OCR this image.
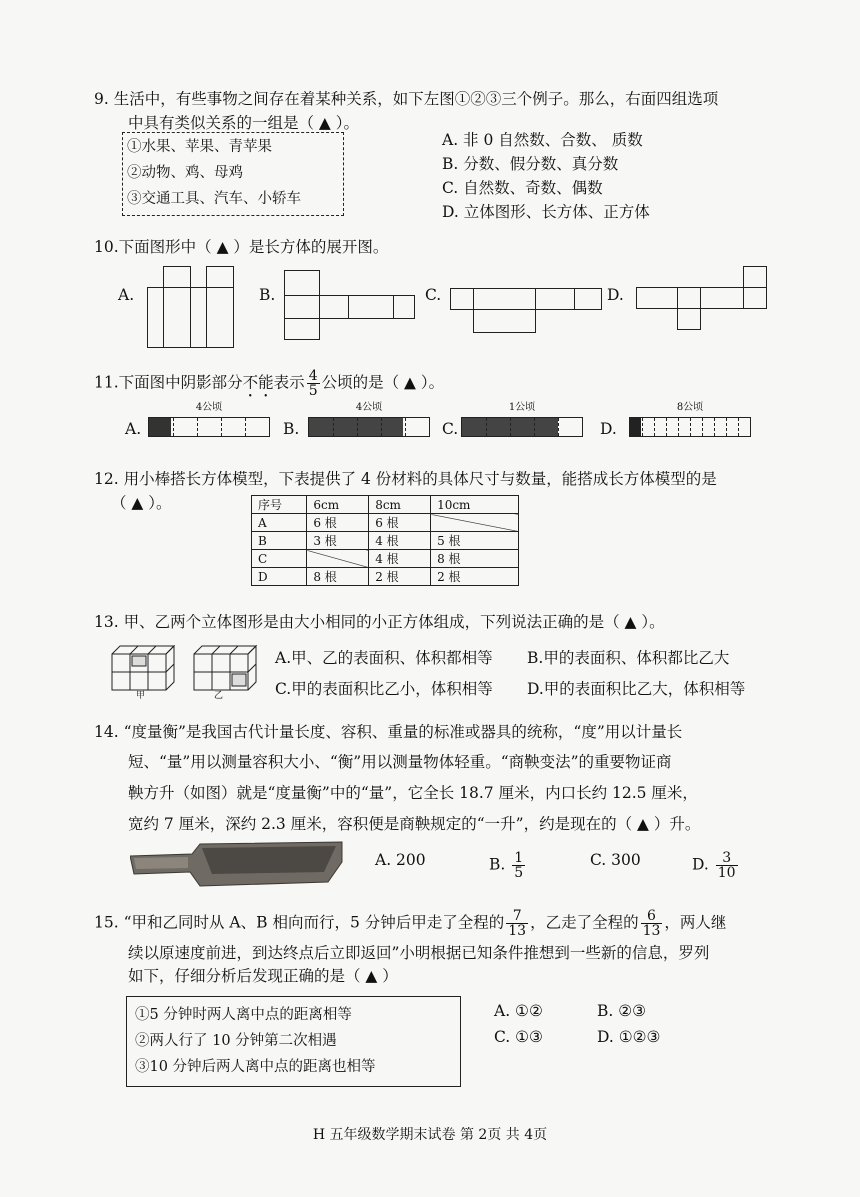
9. 生活中，有些事物之间存在着某种关系，如下左图①②③三个例子。那么，右面四组选项
中具有类似关系的一组是（ ▲ ）。
①水果、苹果、青苹果
②动物、鸡、母鸡
③交通工具、汽车、小轿车
A. 非 0 自然数、合数、 质数
B. 分数、假分数、真分数
C. 自然数、奇数、偶数
D. 立体图形、长方体、正方体
10.下面图形中（ ▲ ）是长方体的展开图。
A.	B.	C.	D.
11.下面图中阴影部分不能表示 $\frac{4}{5}$ 公顷的是（ ▲ ）。
A.
4公顷
B.
4公顷
C.
1公顷
D.
8公顷
12. 用小棒搭长方体模型，下表提供了 4 份材料的具体尺寸与数量，能搭成长方体模型的是
（ ▲ ）。	序号	6cm	8cm	10cm
A	6 根	6 根	
B	3 根	4 根	5 根
C		4 根	8 根
D	8 根	2 根	2 根
13. 甲、乙两个立体图形是由大小相同的小正方体组成，下列说法正确的是（ ▲ ）。
甲	乙
A.甲、乙的表面积、体积都相等 B.甲的表面积、体积都比乙大
C.甲的表面积比乙小，体积相等 D.甲的表面积比乙大，体积相等
14. “度量衡”是我国古代计量长度、容积、重量的标准或器具的统称，“度”用以计量长
短、“量”用以测量容积大小、“衡”用以测量物体轻重。“商鞅变法”的重要物证商
鞅方升（如图）就是“度量衡”中的“量”，它全长 18.7 厘米，内口长约 12.5 厘米，
宽约 7 厘米，深约 2.3 厘米，容积便是商鞅规定的“一升”，约是现在的（ ▲ ）升。
A. 200	B. $\frac{1}{5}$	C. 300	D. $\frac{3}{10}$
15. “甲和乙同时从 A、B 相向而行，5 分钟后甲走了全程的 $\frac{7}{13}$ ，乙走了全程的 $\frac{6}{13}$ ，两人继
续以原速度前进，到达终点后立即返回”小明根据已知条件推想到一些新的信息，罗列
如下，仔细分析后发现正确的是（ ▲ ）
①5 分钟时两人离中点的距离相等
②两人行了 10 分钟第二次相遇
③10 分钟后两人离中点的距离也相等
A. ①②	B. ②③
C. ①③	D. ①②③
H 五年级数学期末试卷 第 2页 共 4页
